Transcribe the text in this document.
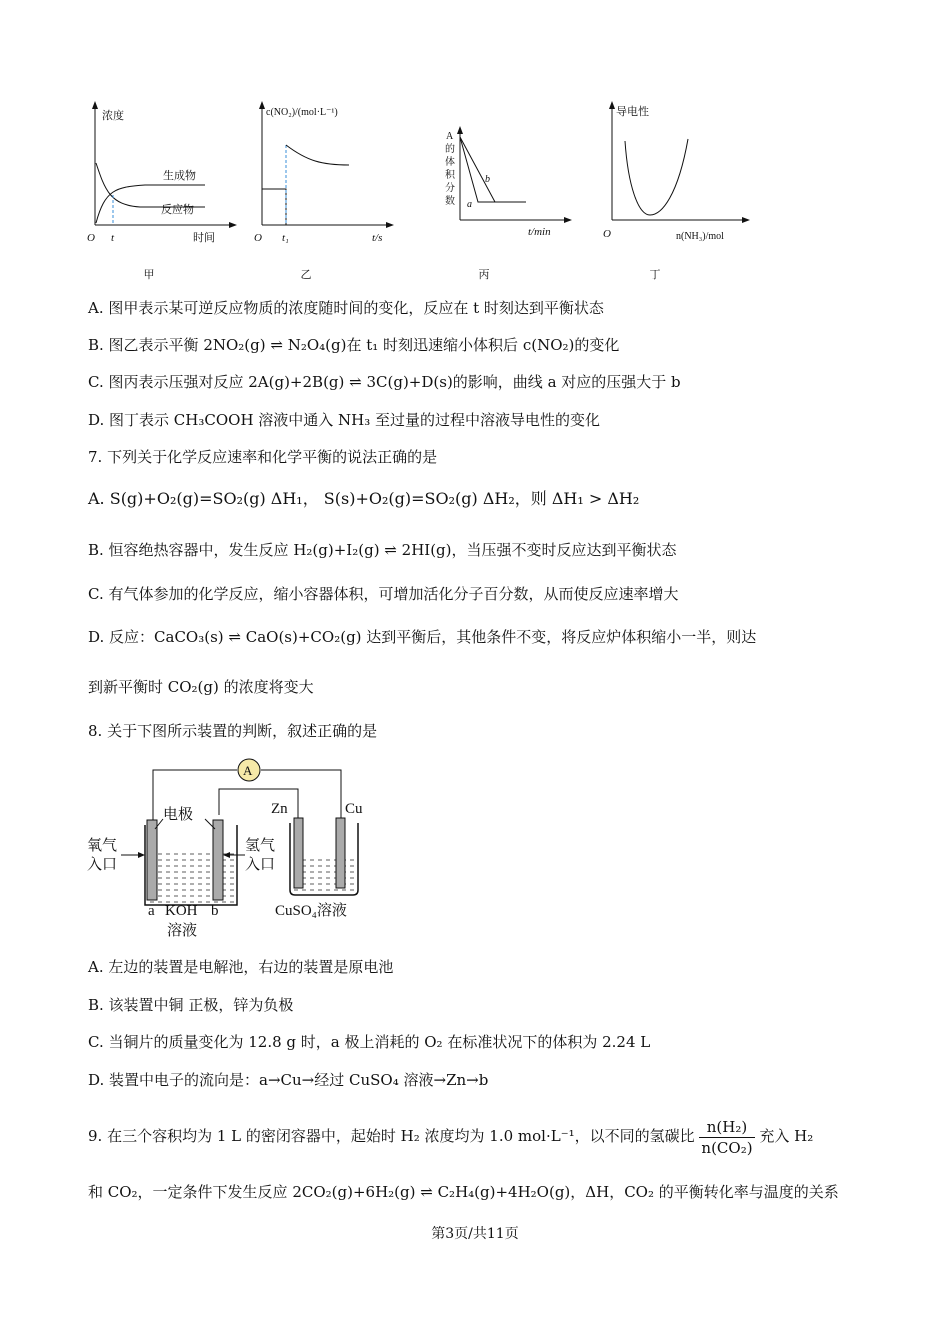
浓度
生成物
反应物
O t	时间
甲
c(NO₂)/(mol·L⁻¹)
O t₁	t/s
乙
A
的
体
积
分
数 a
b
t/min
丙
导电性
O	n(NH₃)/mol
丁
A. 图甲表示某可逆反应物质的浓度随时间的变化，反应在 t 时刻达到平衡状态
B. 图乙表示平衡 2NO₂(g) ⇌ N₂O₄(g)在 t₁ 时刻迅速缩小体积后 c(NO₂)的变化
C. 图丙表示压强对反应 2A(g)+2B(g) ⇌ 3C(g)+D(s)的影响，曲线 a 对应的压强大于 b
D. 图丁表示 CH₃COOH 溶液中通入 NH₃ 至过量的过程中溶液导电性的变化
7. 下列关于化学反应速率和化学平衡的说法正确的是
A. S(g)+O₂(g)=SO₂(g) ΔH₁， S(s)+O₂(g)=SO₂(g) ΔH₂，则 ΔH₁ > ΔH₂
B. 恒容绝热容器中，发生反应 H₂(g)+I₂(g) ⇌ 2HI(g)，当压强不变时反应达到平衡状态
C. 有气体参加的化学反应，缩小容器体积，可增加活化分子百分数，从而使反应速率增大
D. 反应：CaCO₃(s) ⇌ CaO(s)+CO₂(g) 达到平衡后，其他条件不变，将反应炉体积缩小一半，则达
到新平衡时 CO₂(g) 的浓度将变大
8. 关于下图所示装置的判断，叙述正确的是
A
电极
氧气
入口
氢气
入口
a KOH b
溶液
Zn	Cu
CuSO₄溶液
A. 左边的装置是电解池，右边的装置是原电池
B. 该装置中铜 正极，锌为负极
C. 当铜片的质量变化为 12.8 g 时，a 极上消耗的 O₂ 在标准状况下的体积为 2.24 L
D. 装置中电子的流向是：a→Cu→经过 CuSO₄ 溶液→Zn→b
9. 在三个容积均为 1 L 的密闭容器中，起始时 H₂ 浓度均为 1.0 mol·L⁻¹，以不同的氢碳比 $\frac{\text{n(H₂)}}{\text{n(CO₂)}}$ 充入 H₂
和 CO₂，一定条件下发生反应 2CO₂(g)+6H₂(g) ⇌ C₂H₄(g)+4H₂O(g)，ΔH，CO₂ 的平衡转化率与温度的关系
第3页/共11页
